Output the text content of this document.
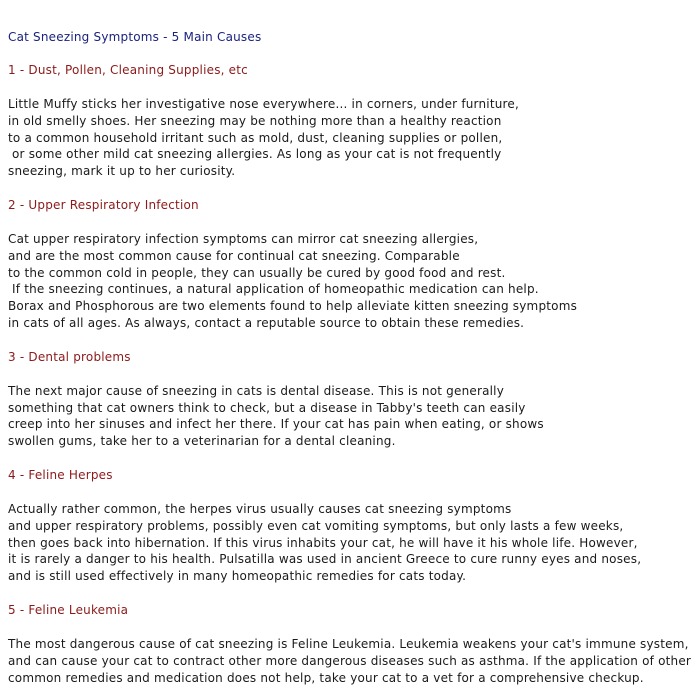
Cat Sneezing Symptoms - 5 Main Causes
1 - Dust, Pollen, Cleaning Supplies, etc
Little Muffy sticks her investigative nose everywhere... in corners, under furniture,
in old smelly shoes. Her sneezing may be nothing more than a healthy reaction
to a common household irritant such as mold, dust, cleaning supplies or pollen,
or some other mild cat sneezing allergies. As long as your cat is not frequently
sneezing, mark it up to her curiosity.
2 - Upper Respiratory Infection
Cat upper respiratory infection symptoms can mirror cat sneezing allergies,
and are the most common cause for continual cat sneezing. Comparable
to the common cold in people, they can usually be cured by good food and rest.
If the sneezing continues, a natural application of homeopathic medication can help.
Borax and Phosphorous are two elements found to help alleviate kitten sneezing symptoms
in cats of all ages. As always, contact a reputable source to obtain these remedies.
3 - Dental problems
The next major cause of sneezing in cats is dental disease. This is not generally
something that cat owners think to check, but a disease in Tabby's teeth can easily
creep into her sinuses and infect her there. If your cat has pain when eating, or shows
swollen gums, take her to a veterinarian for a dental cleaning.
4 - Feline Herpes
Actually rather common, the herpes virus usually causes cat sneezing symptoms
and upper respiratory problems, possibly even cat vomiting symptoms, but only lasts a few weeks,
then goes back into hibernation. If this virus inhabits your cat, he will have it his whole life. However,
it is rarely a danger to his health. Pulsatilla was used in ancient Greece to cure runny eyes and noses,
and is still used effectively in many homeopathic remedies for cats today.
5 - Feline Leukemia
The most dangerous cause of cat sneezing is Feline Leukemia. Leukemia weakens your cat's immune system,
and can cause your cat to contract other more dangerous diseases such as asthma. If the application of other
common remedies and medication does not help, take your cat to a vet for a comprehensive checkup.
